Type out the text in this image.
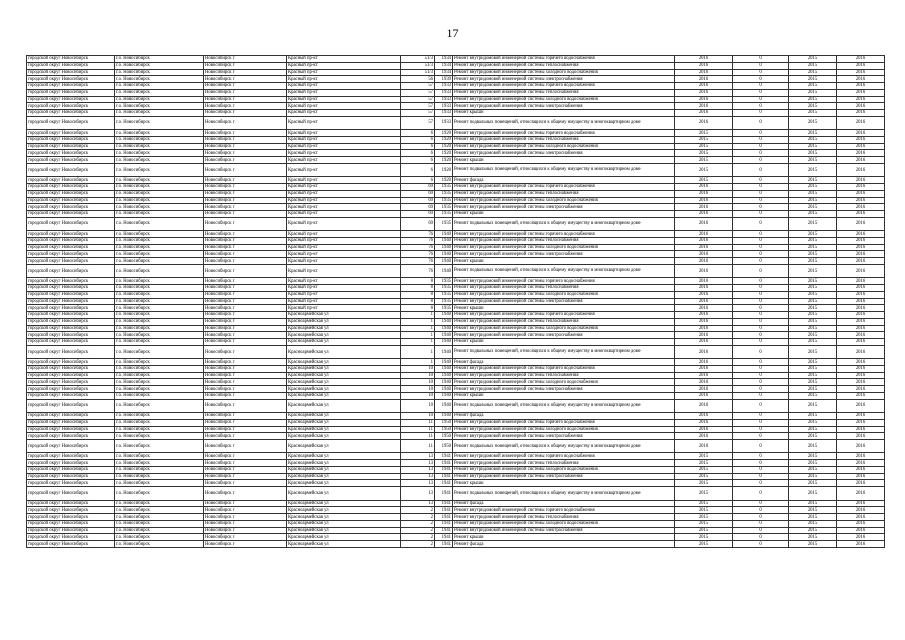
17
городской округ Новосибирск	г.о. Новосибирск	Новосибирск г	Красный пр-кт	51/3	1934	Ремонт внутридомовой инженерной системы горячего водоснабжения	2016	0	2015	2016
городской округ Новосибирск	г.о. Новосибирск	Новосибирск г	Красный пр-кт	51/3	1934	Ремонт внутридомовой инженерной системы теплоснабжения	2016	0	2015	2016
городской округ Новосибирск	г.о. Новосибирск	Новосибирск г	Красный пр-кт	51/3	1934	Ремонт внутридомовой инженерной системы холодного водоснабжения	2016	0	2015	2016
городской округ Новосибирск	г.о. Новосибирск	Новосибирск г	Красный пр-кт	56	1939	Ремонт внутридомовой инженерной системы электроснабжения	2016	0	2015	2016
городской округ Новосибирск	г.о. Новосибирск	Новосибирск г	Красный пр-кт	57	1933	Ремонт внутридомовой инженерной системы горячего водоснабжения	2016	0	2015	2016
городской округ Новосибирск	г.о. Новосибирск	Новосибирск г	Красный пр-кт	57	1933	Ремонт внутридомовой инженерной системы теплоснабжения	2016	0	2015	2016
городской округ Новосибирск	г.о. Новосибирск	Новосибирск г	Красный пр-кт	57	1933	Ремонт внутридомовой инженерной системы холодного водоснабжения	2016	0	2015	2016
городской округ Новосибирск	г.о. Новосибирск	Новосибирск г	Красный пр-кт	57	1933	Ремонт внутридомовой инженерной системы электроснабжения	2016	0	2015	2016
городской округ Новосибирск	г.о. Новосибирск	Новосибирск г	Красный пр-кт	57	1933	Ремонт крыши	2016	0	2015	2016
городской округ Новосибирск	г.о. Новосибирск	Новосибирск г	Красный пр-кт	57	1933	Ремонт подвальных помещений, относящихся к общему имуществу в многоквартирном доме	2016	0	2015	2016
городской округ Новосибирск	г.о. Новосибирск	Новосибирск г	Красный пр-кт	6	1920	Ремонт внутридомовой инженерной системы горячего водоснабжения	2015	0	2015	2016
городской округ Новосибирск	г.о. Новосибирск	Новосибирск г	Красный пр-кт	6	1920	Ремонт внутридомовой инженерной системы теплоснабжения	2015	0	2015	2016
городской округ Новосибирск	г.о. Новосибирск	Новосибирск г	Красный пр-кт	6	1920	Ремонт внутридомовой инженерной системы холодного водоснабжения	2015	0	2015	2016
городской округ Новосибирск	г.о. Новосибирск	Новосибирск г	Красный пр-кт	6	1920	Ремонт внутридомовой инженерной системы электроснабжения	2015	0	2015	2016
городской округ Новосибирск	г.о. Новосибирск	Новосибирск г	Красный пр-кт	6	1920	Ремонт крыши	2015	0	2015	2016
городской округ Новосибирск	г.о. Новосибирск	Новосибирск г	Красный пр-кт	6	1920	Ремонт подвальных помещений, относящихся к общему имуществу в многоквартирном доме	2015	0	2015	2016
городской округ Новосибирск	г.о. Новосибирск	Новосибирск г	Красный пр-кт	6	1920	Ремонт фасада	2015	0	2015	2016
городской округ Новосибирск	г.о. Новосибирск	Новосибирск г	Красный пр-кт	69	1935	Ремонт внутридомовой инженерной системы горячего водоснабжения	2016	0	2015	2016
городской округ Новосибирск	г.о. Новосибирск	Новосибирск г	Красный пр-кт	69	1935	Ремонт внутридомовой инженерной системы теплоснабжения	2016	0	2015	2016
городской округ Новосибирск	г.о. Новосибирск	Новосибирск г	Красный пр-кт	69	1935	Ремонт внутридомовой инженерной системы холодного водоснабжения	2016	0	2015	2016
городской округ Новосибирск	г.о. Новосибирск	Новосибирск г	Красный пр-кт	69	1935	Ремонт внутридомовой инженерной системы электроснабжения	2016	0	2015	2016
городской округ Новосибирск	г.о. Новосибирск	Новосибирск г	Красный пр-кт	69	1935	Ремонт крыши	2016	0	2015	2016
городской округ Новосибирск	г.о. Новосибирск	Новосибирск г	Красный пр-кт	69	1935	Ремонт подвальных помещений, относящихся к общему имуществу в многоквартирном доме	2016	0	2015	2016
городской округ Новосибирск	г.о. Новосибирск	Новосибирск г	Красный пр-кт	76	1940	Ремонт внутридомовой инженерной системы горячего водоснабжения	2016	0	2015	2016
городской округ Новосибирск	г.о. Новосибирск	Новосибирск г	Красный пр-кт	76	1940	Ремонт внутридомовой инженерной системы теплоснабжения	2016	0	2015	2016
городской округ Новосибирск	г.о. Новосибирск	Новосибирск г	Красный пр-кт	76	1940	Ремонт внутридомовой инженерной системы холодного водоснабжения	2016	0	2015	2016
городской округ Новосибирск	г.о. Новосибирск	Новосибирск г	Красный пр-кт	76	1940	Ремонт внутридомовой инженерной системы электроснабжения	2016	0	2015	2016
городской округ Новосибирск	г.о. Новосибирск	Новосибирск г	Красный пр-кт	76	1940	Ремонт крыши	2016	0	2015	2016
городской округ Новосибирск	г.о. Новосибирск	Новосибирск г	Красный пр-кт	76	1940	Ремонт подвальных помещений, относящихся к общему имуществу в многоквартирном доме	2016	0	2015	2016
городской округ Новосибирск	г.о. Новосибирск	Новосибирск г	Красный пр-кт	8	1935	Ремонт внутридомовой инженерной системы горячего водоснабжения	2016	0	2015	2016
городской округ Новосибирск	г.о. Новосибирск	Новосибирск г	Красный пр-кт	8	1935	Ремонт внутридомовой инженерной системы теплоснабжения	2016	0	2015	2016
городской округ Новосибирск	г.о. Новосибирск	Новосибирск г	Красный пр-кт	8	1935	Ремонт внутридомовой инженерной системы холодного водоснабжения	2016	0	2015	2016
городской округ Новосибирск	г.о. Новосибирск	Новосибирск г	Красный пр-кт	8	1935	Ремонт внутридомовой инженерной системы электроснабжения	2016	0	2015	2016
городской округ Новосибирск	г.о. Новосибирск	Новосибирск г	Красный пр-кт	8	1935	Ремонт крыши	2016	0	2015	2016
городской округ Новосибирск	г.о. Новосибирск	Новосибирск г	Красноармейская ул	1	1940	Ремонт внутридомовой инженерной системы горячего водоснабжения	2016	0	2015	2016
городской округ Новосибирск	г.о. Новосибирск	Новосибирск г	Красноармейская ул	1	1940	Ремонт внутридомовой инженерной системы теплоснабжения	2016	0	2015	2016
городской округ Новосибирск	г.о. Новосибирск	Новосибирск г	Красноармейская ул	1	1940	Ремонт внутридомовой инженерной системы холодного водоснабжения	2016	0	2015	2016
городской округ Новосибирск	г.о. Новосибирск	Новосибирск г	Красноармейская ул	1	1940	Ремонт внутридомовой инженерной системы электроснабжения	2016	0	2015	2016
городской округ Новосибирск	г.о. Новосибирск	Новосибирск г	Красноармейская ул	1	1940	Ремонт крыши	2016	0	2015	2016
городской округ Новосибирск	г.о. Новосибирск	Новосибирск г	Красноармейская ул	1	1940	Ремонт подвальных помещений, относящихся к общему имуществу в многоквартирном доме	2016	0	2015	2016
городской округ Новосибирск	г.о. Новосибирск	Новосибирск г	Красноармейская ул	1	1940	Ремонт фасада	2016	0	2015	2016
городской округ Новосибирск	г.о. Новосибирск	Новосибирск г	Красноармейская ул	10	1940	Ремонт внутридомовой инженерной системы горячего водоснабжения	2016	0	2015	2016
городской округ Новосибирск	г.о. Новосибирск	Новосибирск г	Красноармейская ул	10	1940	Ремонт внутридомовой инженерной системы теплоснабжения	2016	0	2015	2016
городской округ Новосибирск	г.о. Новосибирск	Новосибирск г	Красноармейская ул	10	1940	Ремонт внутридомовой инженерной системы холодного водоснабжения	2016	0	2015	2016
городской округ Новосибирск	г.о. Новосибирск	Новосибирск г	Красноармейская ул	10	1940	Ремонт внутридомовой инженерной системы электроснабжения	2016	0	2015	2016
городской округ Новосибирск	г.о. Новосибирск	Новосибирск г	Красноармейская ул	10	1940	Ремонт крыши	2016	0	2015	2016
городской округ Новосибирск	г.о. Новосибирск	Новосибирск г	Красноармейская ул	10	1940	Ремонт подвальных помещений, относящихся к общему имуществу в многоквартирном доме	2016	0	2015	2016
городской округ Новосибирск	г.о. Новосибирск	Новосибирск г	Красноармейская ул	10	1940	Ремонт фасада	2016	0	2015	2016
городской округ Новосибирск	г.о. Новосибирск	Новосибирск г	Красноармейская ул	11	1950	Ремонт внутридомовой инженерной системы горячего водоснабжения	2016	0	2015	2016
городской округ Новосибирск	г.о. Новосибирск	Новосибирск г	Красноармейская ул	11	1950	Ремонт внутридомовой инженерной системы холодного водоснабжения	2016	0	2015	2016
городской округ Новосибирск	г.о. Новосибирск	Новосибирск г	Красноармейская ул	11	1950	Ремонт внутридомовой инженерной системы электроснабжения	2016	0	2015	2016
городской округ Новосибирск	г.о. Новосибирск	Новосибирск г	Красноармейская ул	11	1950	Ремонт подвальных помещений, относящихся к общему имуществу в многоквартирном доме	2016	0	2015	2016
городской округ Новосибирск	г.о. Новосибирск	Новосибирск г	Красноармейская ул	13	1941	Ремонт внутридомовой инженерной системы горячего водоснабжения	2015	0	2015	2016
городской округ Новосибирск	г.о. Новосибирск	Новосибирск г	Красноармейская ул	13	1941	Ремонт внутридомовой инженерной системы теплоснабжения	2015	0	2015	2016
городской округ Новосибирск	г.о. Новосибирск	Новосибирск г	Красноармейская ул	13	1941	Ремонт внутридомовой инженерной системы холодного водоснабжения	2015	0	2015	2016
городской округ Новосибирск	г.о. Новосибирск	Новосибирск г	Красноармейская ул	13	1941	Ремонт внутридомовой инженерной системы электроснабжения	2015	0	2015	2016
городской округ Новосибирск	г.о. Новосибирск	Новосибирск г	Красноармейская ул	13	1941	Ремонт крыши	2015	0	2015	2016
городской округ Новосибирск	г.о. Новосибирск	Новосибирск г	Красноармейская ул	13	1941	Ремонт подвальных помещений, относящихся к общему имуществу в многоквартирном доме	2015	0	2015	2016
городской округ Новосибирск	г.о. Новосибирск	Новосибирск г	Красноармейская ул	13	1941	Ремонт фасада	2015	0	2015	2016
городской округ Новосибирск	г.о. Новосибирск	Новосибирск г	Красноармейская ул	2	1941	Ремонт внутридомовой инженерной системы горячего водоснабжения	2015	0	2015	2016
городской округ Новосибирск	г.о. Новосибирск	Новосибирск г	Красноармейская ул	2	1941	Ремонт внутридомовой инженерной системы теплоснабжения	2015	0	2015	2016
городской округ Новосибирск	г.о. Новосибирск	Новосибирск г	Красноармейская ул	2	1941	Ремонт внутридомовой инженерной системы холодного водоснабжения	2015	0	2015	2016
городской округ Новосибирск	г.о. Новосибирск	Новосибирск г	Красноармейская ул	2	1941	Ремонт внутридомовой инженерной системы электроснабжения	2015	0	2015	2016
городской округ Новосибирск	г.о. Новосибирск	Новосибирск г	Красноармейская ул	2	1941	Ремонт крыши	2015	0	2015	2016
городской округ Новосибирск	г.о. Новосибирск	Новосибирск г	Красноармейская ул	2	1941	Ремонт фасада	2015	0	2015	2016
